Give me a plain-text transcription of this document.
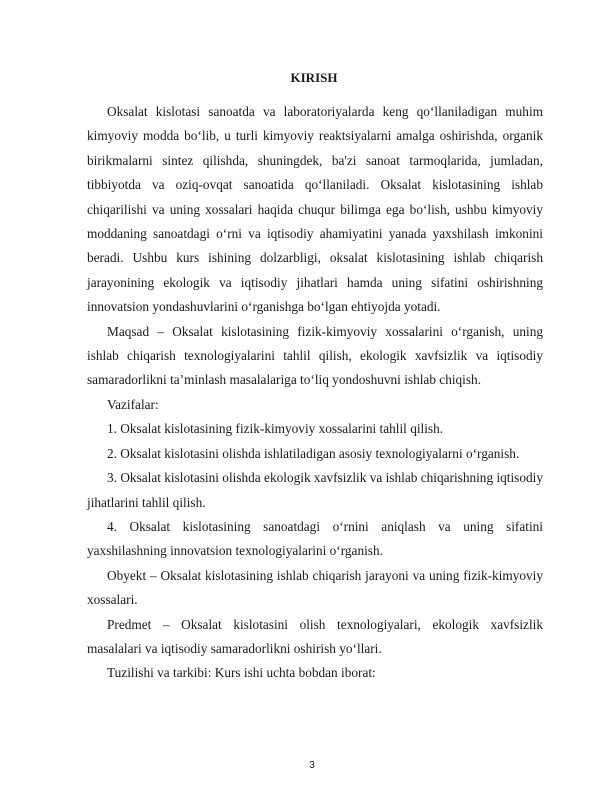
KIRISH

Oksalat kislotasi sanoatda va laboratoriyalarda keng qo‘llaniladigan muhim kimyoviy modda bo‘lib, u turli kimyoviy reaktsiyalarni amalga oshirishda, organik birikmalarni sintez qilishda, shuningdek, ba'zi sanoat tarmoqlarida, jumladan, tibbiyotda va oziq-ovqat sanoatida qo‘llaniladi. Oksalat kislotasining ishlab chiqarilishi va uning xossalari haqida chuqur bilimga ega bo‘lish, ushbu kimyoviy moddaning sanoatdagi o‘rni va iqtisodiy ahamiyatini yanada yaxshilash imkonini beradi. Ushbu kurs ishining dolzarbligi, oksalat kislotasining ishlab chiqarish jarayonining ekologik va iqtisodiy jihatlari hamda uning sifatini oshirishning innovatsion yondashuvlarini o‘rganishga bo‘lgan ehtiyojda yotadi.

Maqsad – Oksalat kislotasining fizik-kimyoviy xossalarini o‘rganish, uning ishlab chiqarish texnologiyalarini tahlil qilish, ekologik xavfsizlik va iqtisodiy samaradorlikni ta’minlash masalalariga to‘liq yondoshuvni ishlab chiqish.

Vazifalar:

1. Oksalat kislotasining fizik-kimyoviy xossalarini tahlil qilish.

2. Oksalat kislotasini olishda ishlatiladigan asosiy texnologiyalarni o‘rganish.

3. Oksalat kislotasini olishda ekologik xavfsizlik va ishlab chiqarishning iqtisodiy jihatlarini tahlil qilish.

4. Oksalat kislotasining sanoatdagi o‘rnini aniqlash va uning sifatini yaxshilashning innovatsion texnologiyalarini o‘rganish.

Obyekt – Oksalat kislotasining ishlab chiqarish jarayoni va uning fizik-kimyoviy xossalari.

Predmet – Oksalat kislotasini olish texnologiyalari, ekologik xavfsizlik masalalari va iqtisodiy samaradorlikni oshirish yo‘llari.

Tuzilishi va tarkibi: Kurs ishi uchta bobdan iborat:

3
